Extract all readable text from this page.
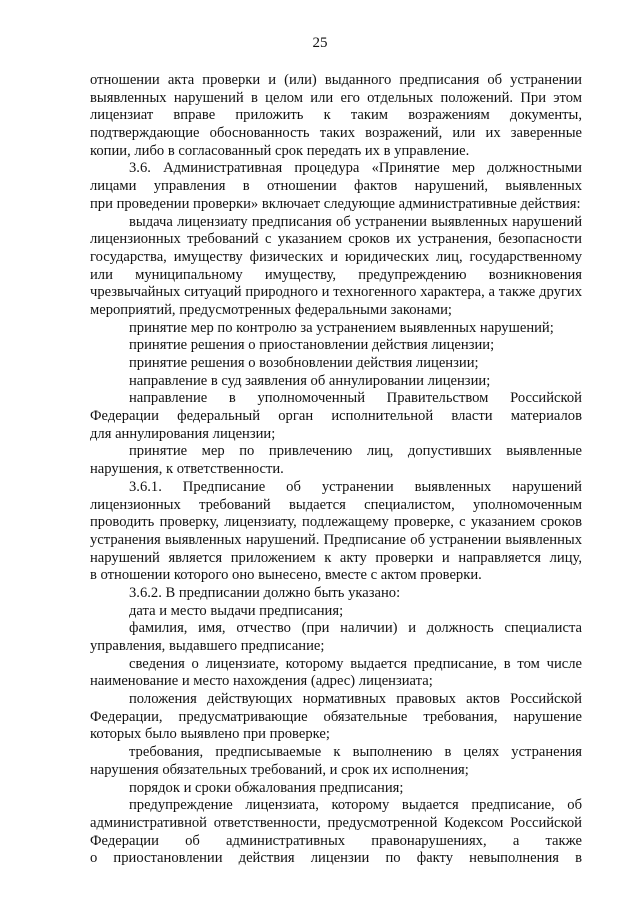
25
отношении акта проверки и (или) выданного предписания об устранении
выявленных нарушений в целом или его отдельных положений. При этом
лицензиат вправе приложить к таким возражениям документы,
подтверждающие обоснованность таких возражений, или их заверенные
копии, либо в согласованный срок передать их в управление.
3.6. Административная процедура «Принятие мер должностными
лицами управления в отношении фактов нарушений, выявленных
при проведении проверки» включает следующие административные действия:
выдача лицензиату предписания об устранении выявленных нарушений
лицензионных требований с указанием сроков их устранения, безопасности
государства, имуществу физических и юридических лиц, государственному
или муниципальному имуществу, предупреждению возникновения
чрезвычайных ситуаций природного и техногенного характера, а также других
мероприятий, предусмотренных федеральными законами;
принятие мер по контролю за устранением выявленных нарушений;
принятие решения о приостановлении действия лицензии;
принятие решения о возобновлении действия лицензии;
направление в суд заявления об аннулировании лицензии;
направление в уполномоченный Правительством Российской
Федерации федеральный орган исполнительной власти материалов
для аннулирования лицензии;
принятие мер по привлечению лиц, допустивших выявленные
нарушения, к ответственности.
3.6.1. Предписание об устранении выявленных нарушений
лицензионных требований выдается специалистом, уполномоченным
проводить проверку, лицензиату, подлежащему проверке, с указанием сроков
устранения выявленных нарушений. Предписание об устранении выявленных
нарушений является приложением к акту проверки и направляется лицу,
в отношении которого оно вынесено, вместе с актом проверки.
3.6.2. В предписании должно быть указано:
дата и место выдачи предписания;
фамилия, имя, отчество (при наличии) и должность специалиста
управления, выдавшего предписание;
сведения о лицензиате, которому выдается предписание, в том числе
наименование и место нахождения (адрес) лицензиата;
положения действующих нормативных правовых актов Российской
Федерации, предусматривающие обязательные требования, нарушение
которых было выявлено при проверке;
требования, предписываемые к выполнению в целях устранения
нарушения обязательных требований, и срок их исполнения;
порядок и сроки обжалования предписания;
предупреждение лицензиата, которому выдается предписание, об
административной ответственности, предусмотренной Кодексом Российской
Федерации об административных правонарушениях, а также
о приостановлении действия лицензии по факту невыполнения в
